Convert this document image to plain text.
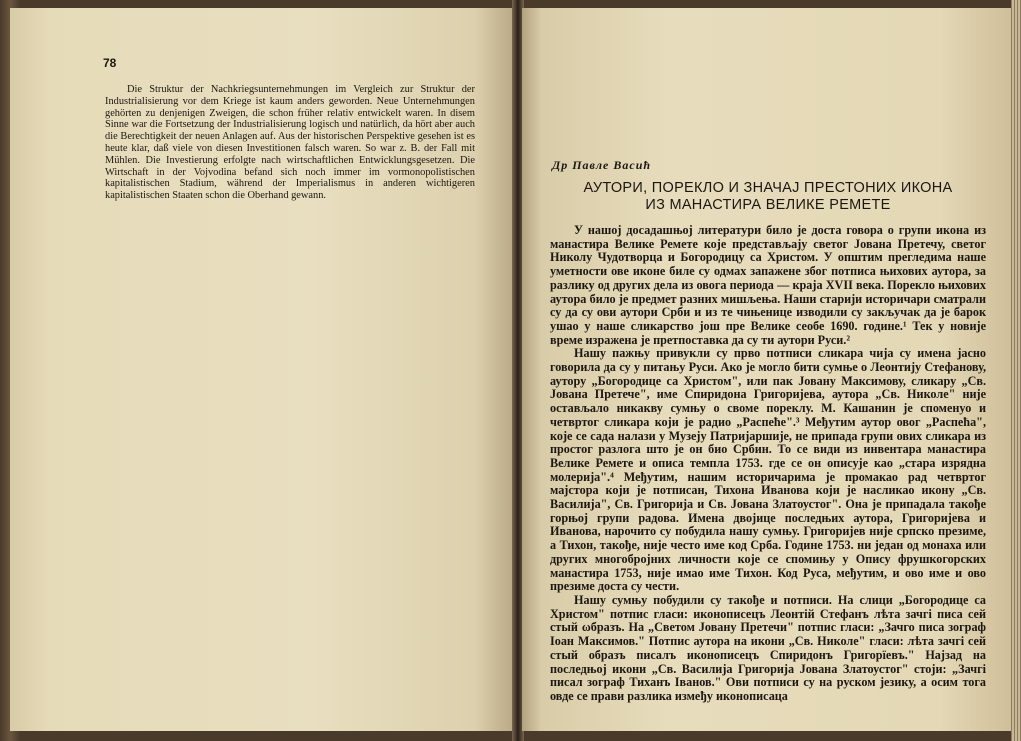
78

Die Struktur der Nachkriegsunternehmungen im Vergleich zur Struktur der Industrialisierung vor dem Kriege ist kaum anders geworden. Neue Unternehmungen gehörten zu denjenigen Zweigen, die schon früher relativ entwickelt waren. In disem Sinne war die Fortsetzung der Industrialisierung logisch und natürlich, da hört aber auch die Berechtigkeit der neuen Anlagen auf. Aus der historischen Perspektive gesehen ist es heute klar, daß viele von diesen Investitionen falsch waren. So war z. B. der Fall mit Mühlen. Die Investierung erfolgte nach wirtschaftlichen Entwicklungsgesetzen. Die Wirtschaft in der Vojvodina befand sich noch immer im vormonopolistischen kapitalistischen Stadium, während der Imperialismus in anderen wichtigeren kapitalistischen Staaten schon die Oberhand gewann.

Др Павле Васић
АУТОРИ, ПОРЕКЛО И ЗНАЧАЈ ПРЕСТОНИХ ИКОНА
ИЗ МАНАСТИРА ВЕЛИКЕ РЕМЕТЕ

У нашој досадашњој литератури било је доста говора о групи икона из манастира Велике Ремете које представљају светог Јована Претечу, светог Николу Чудотворца и Богородицу са Христом. У општим прегледима наше уметности ове иконе биле су одмах запажене због потписа њихових аутора, за разлику од других дела из овога периода — краја XVII века. Порекло њихових аутора било је предмет разних мишљења. Наши старији историчари сматрали су да су ови аутори Срби и из те чињенице изводили су закључак да је барок ушао у наше сликарство још пре Велике сеобе 1690. године.¹ Тек у новије време изражена је претпоставка да су ти аутори Руси.²

Нашу пажњу привукли су прво потписи сликара чија су имена јасно говорила да су у питању Руси. Ако је могло бити сумње о Леонтију Стефанову, аутору „Богородице са Христом", или пак Јовану Максимову, сликару „Св. Јована Претече", име Спиридона Григоријева, аутора „Св. Николе" није остављало никакву сумњу о своме пореклу. М. Кашанин је споменуо и четвртог сликара који је радио „Распеће".³ Међутим аутор овог „Распећа", које се сада налази у Музеју Патријаршије, не припада групи ових сликара из простог разлога што је он био Србин. То се види из инвентара манастира Велике Ремете и описа темпла 1753. где се он описује као „стара изрядна молерија".⁴ Међутим, нашим историчарима је промакао рад четвртог мајстора који је потписан, Тихона Иванова који је насликао икону „Св. Василија", Св. Григорија и Св. Јована Златоустог". Она је припадала такође горњој групи радова. Имена двојице последњих аутора, Григоријева и Иванова, нарочито су побудила нашу сумњу. Григоријев није српско презиме, а Тихон, такође, није честo име код Срба. Године 1753. ни један од монаха или других многобројних личности које се спомињу у Опису фрушкогорских манастира 1753, није имао име Тихон. Код Руса, међутим, и ово име и ово презиме доста су чести.

Нашу сумњу побудили су такође и потписи. На слици „Богородице са Христом" потпис гласи: иконописецъ Леонтій Стефанъ лѣта зачгі писа сей стый ωбразъ. На „Светом Јовану Претечи" потпис гласи: „Зачго писа зограф Іоан Максимов." Потпис аутора на икони „Св. Николе" гласи: лѣта зачгі сей стый образъ писалъ иконописецъ Спиридонъ Григорїевъ." Најзад на последњој икони „Св. Василија Григорија Јована Златоустог" стоји: „Зачгі писал зограф Тиханъ Іванов." Ови потписи су на руском језику, а осим тога овде се прави разлика између иконописаца
